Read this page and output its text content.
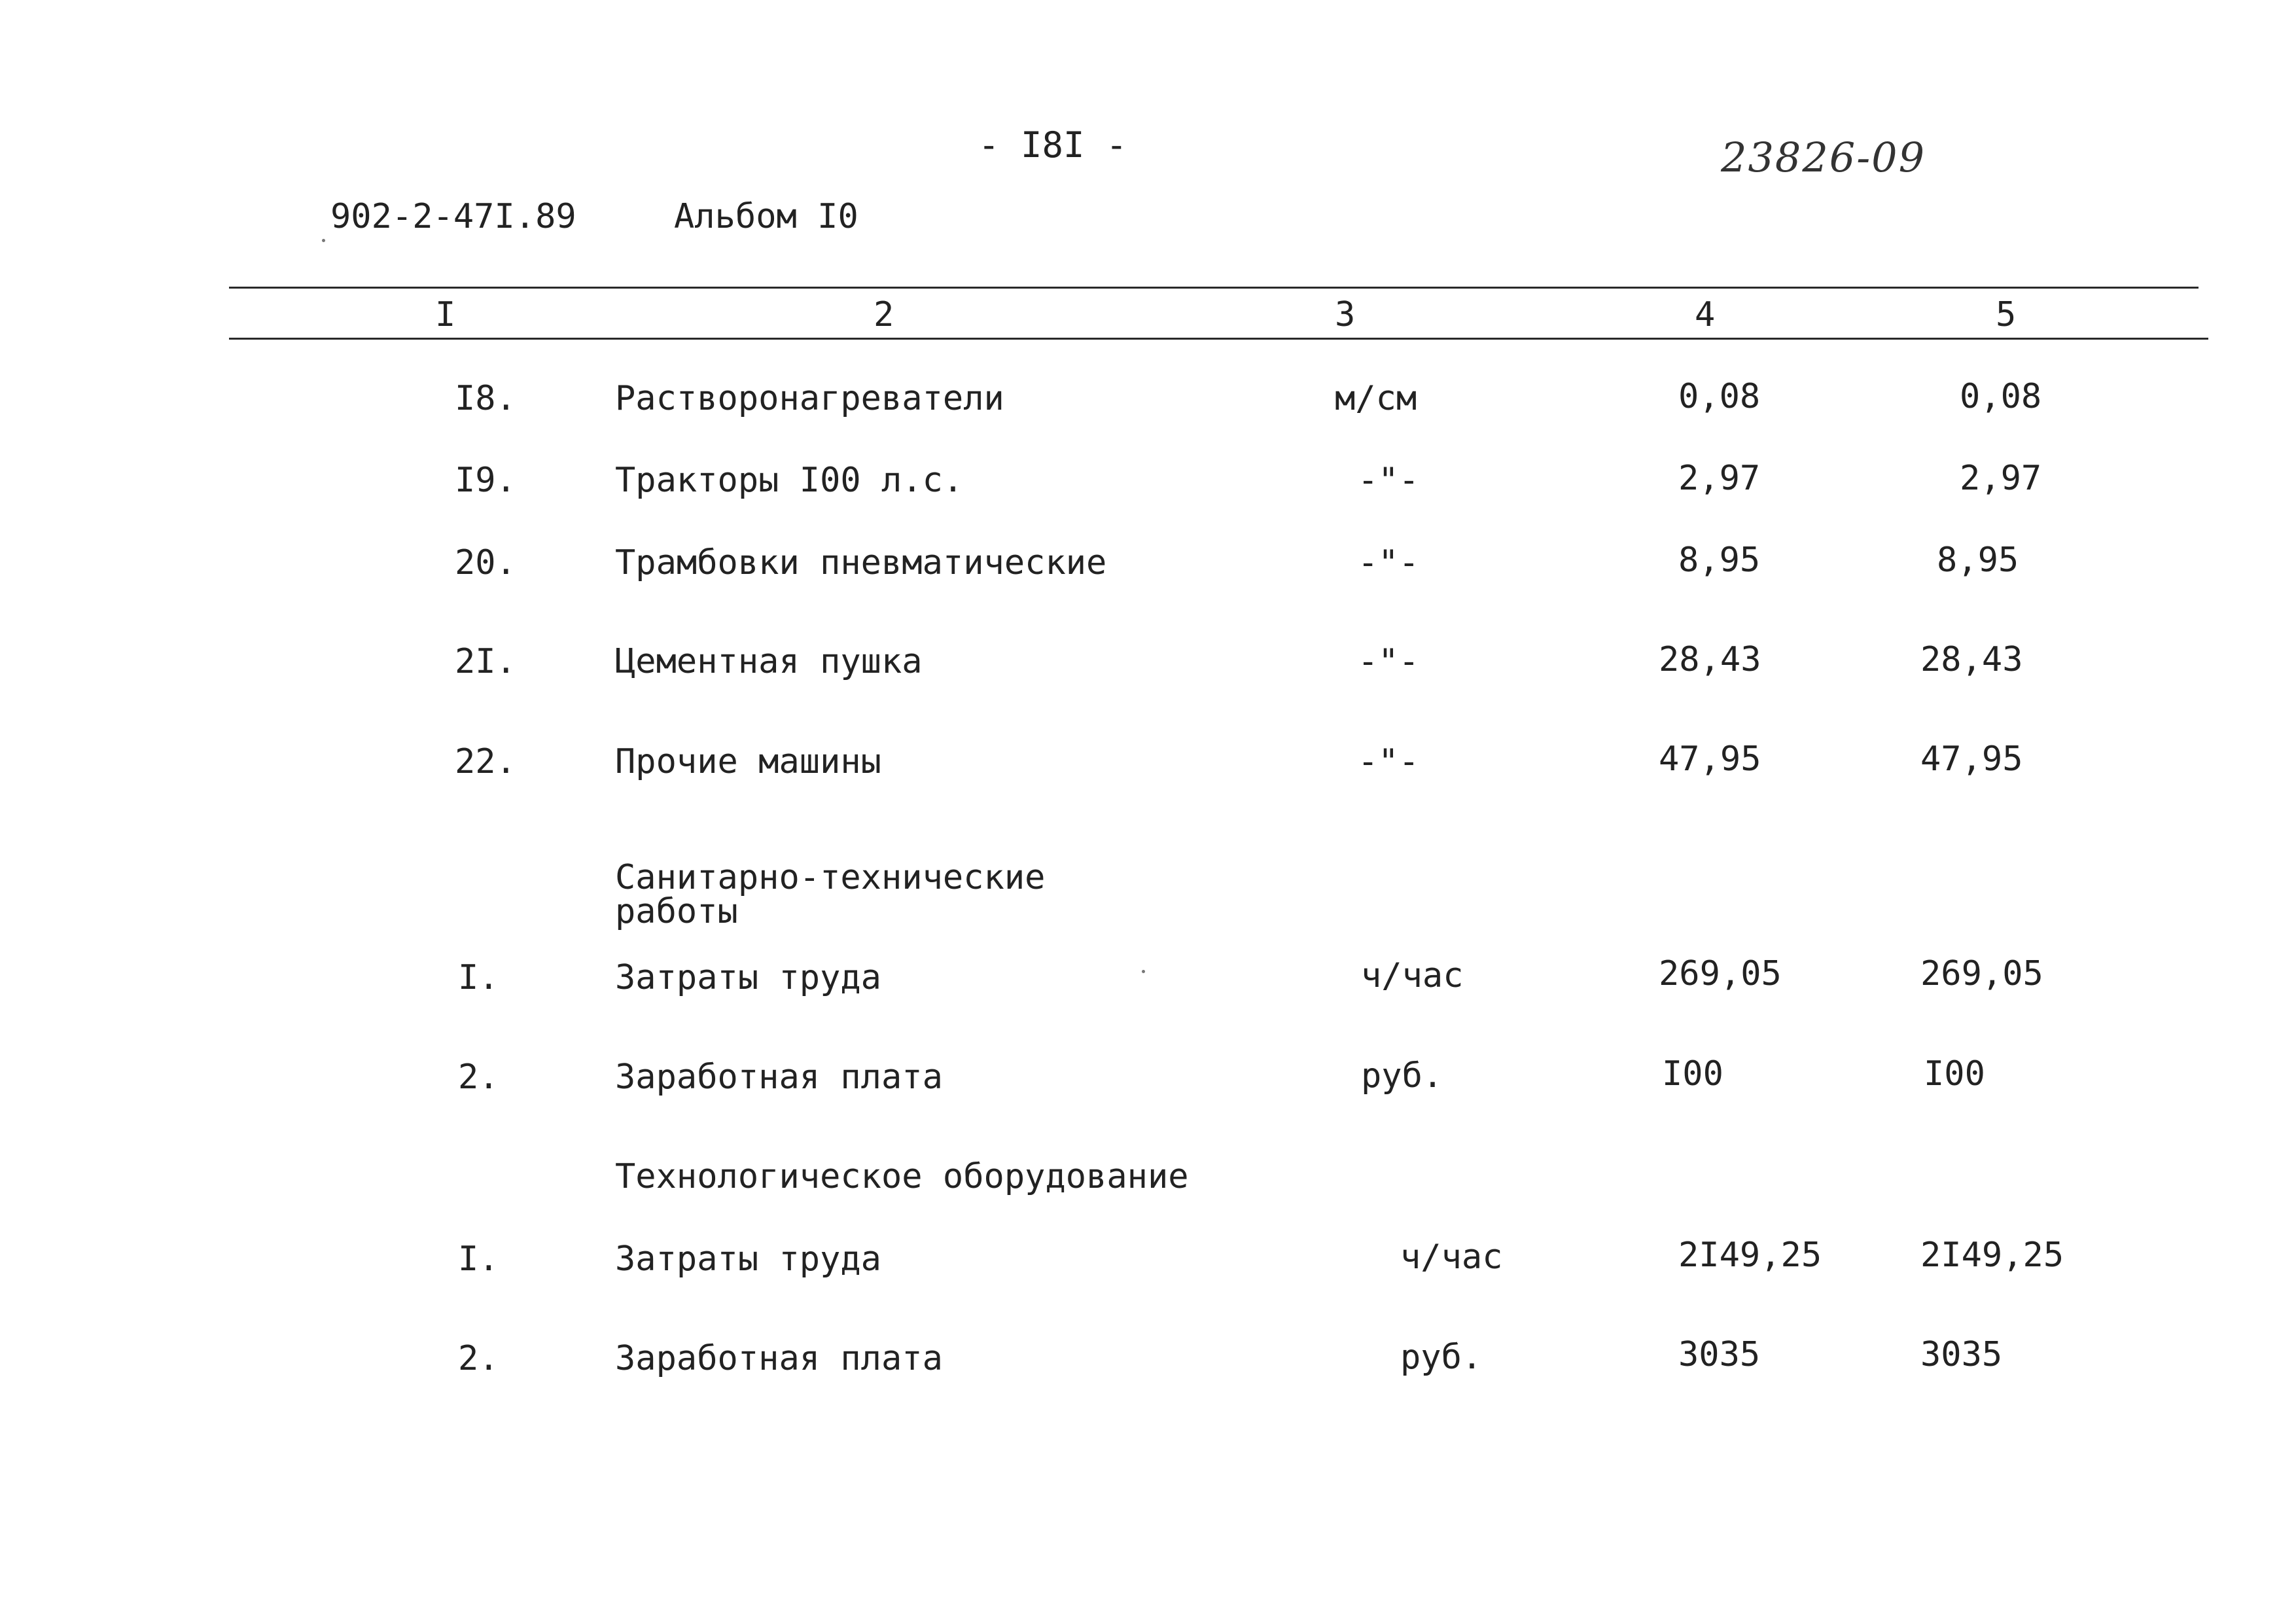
- I8I -	23826-09
902-2-47I.89	Альбом I0
I	2	3	4	5
I8.	Растворонагреватели	м/см	0,08	0,08
I9.	Тракторы I00 л.с.	-"-	2,97	2,97
20.	Трамбовки пневматические	-"-	8,95	8,95
2I.	Цементная пушка	-"-	28,43	28,43
22.	Прочие машины	-"-	47,95	47,95
Санитарно-технические
работы
I.	Затраты труда	ч/час	269,05	269,05
2.	Заработная плата	руб.	I00	I00
Технологическое оборудование
I.	Затраты труда	ч/час	2I49,25	2I49,25
2.	Заработная плата	руб.	3035	3035
